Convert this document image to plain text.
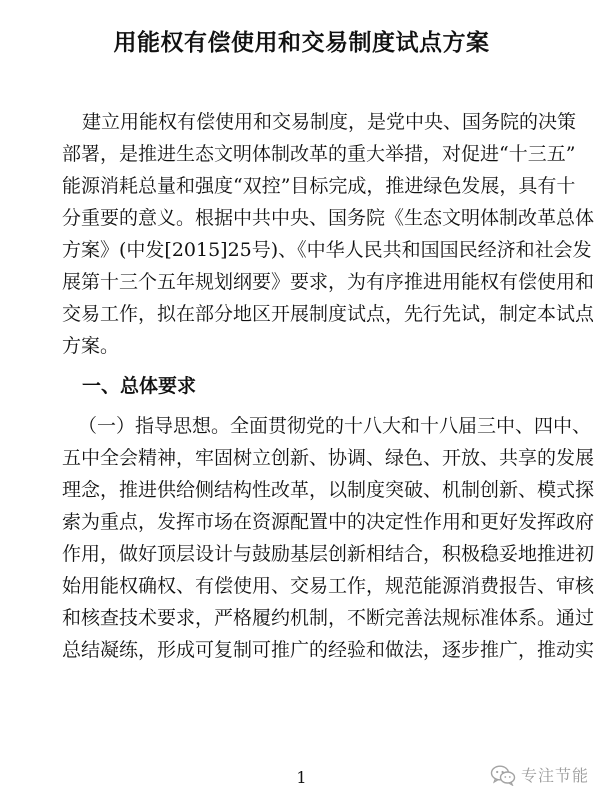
用能权有偿使用和交易制度试点方案
建立用能权有偿使用和交易制度，是党中央、国务院的决策
部署，是推进生态文明体制改革的重大举措，对促进“十三五”
能源消耗总量和强度“双控”目标完成，推进绿色发展，具有十
分重要的意义。根据中共中央、国务院《生态文明体制改革总体
方案》(中发[2015]25号)、《中华人民共和国国民经济和社会发
展第十三个五年规划纲要》要求，为有序推进用能权有偿使用和
交易工作，拟在部分地区开展制度试点，先行先试，制定本试点
方案。
一、总体要求
（一）指导思想。全面贯彻党的十八大和十八届三中、四中、
五中全会精神，牢固树立创新、协调、绿色、开放、共享的发展
理念，推进供给侧结构性改革，以制度突破、机制创新、模式探
索为重点，发挥市场在资源配置中的决定性作用和更好发挥政府
作用，做好顶层设计与鼓励基层创新相结合，积极稳妥地推进初
始用能权确权、有偿使用、交易工作，规范能源消费报告、审核
和核查技术要求，严格履约机制，不断完善法规标准体系。通过
总结凝练，形成可复制可推广的经验和做法，逐步推广，推动实
1	专注节能
